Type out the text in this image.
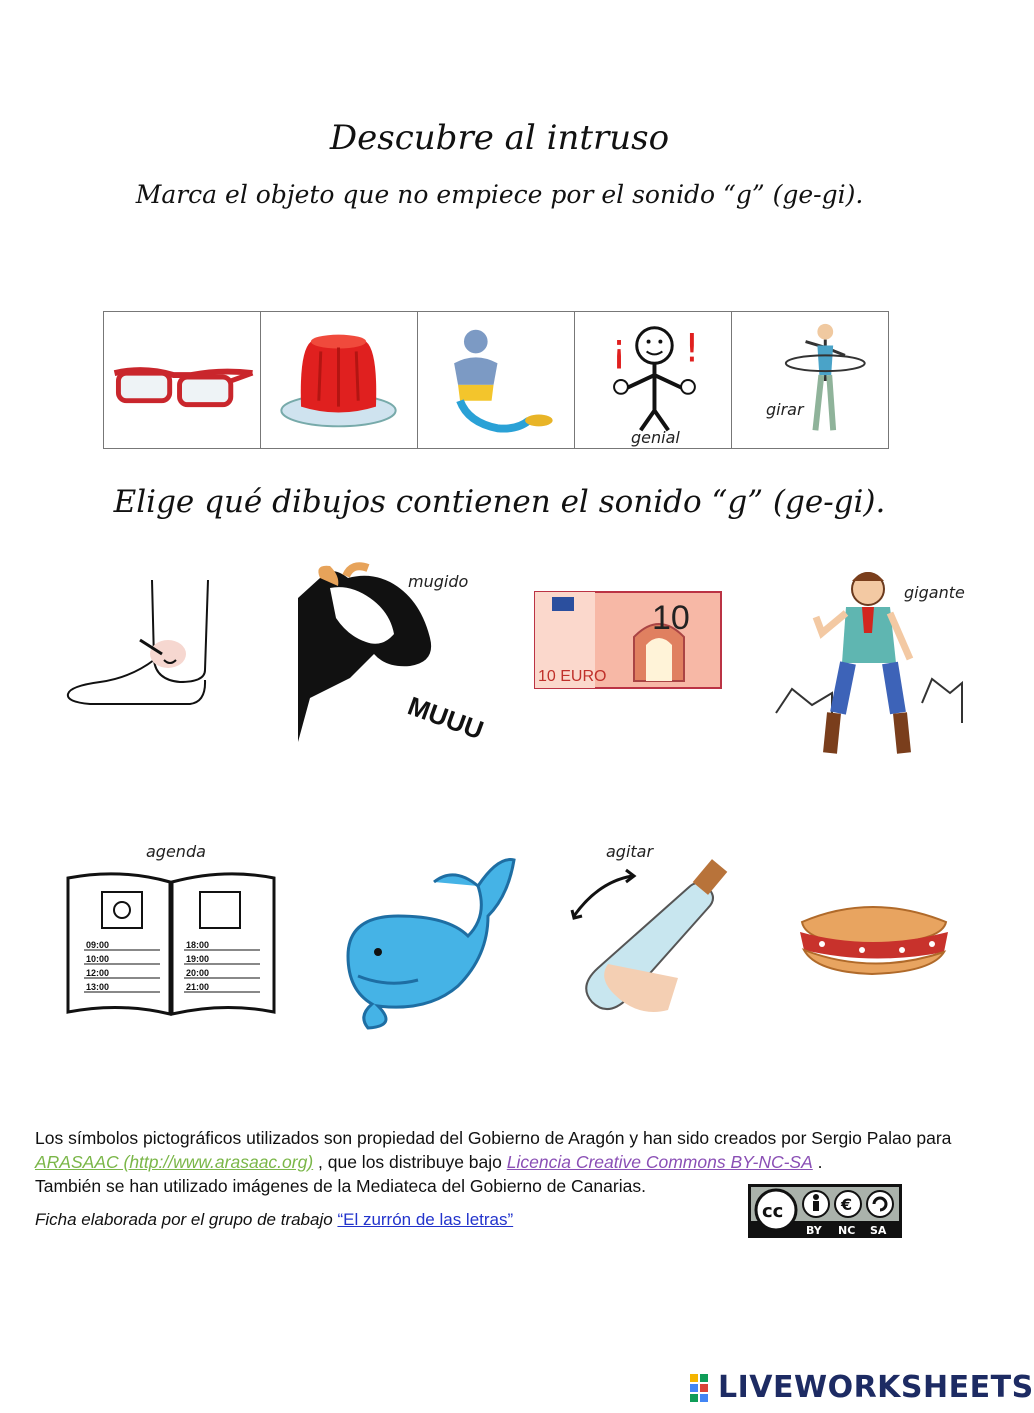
Descubre al intruso
Marca el objeto que no empiece por el sonido “g” (ge-gi).
¡ !
genial
girar
Elige qué dibujos contienen el sonido “g” (ge-gi).
MUUU
mugido
10
10 EURO
gigante
09:00
10:00
12:00
13:00
18:00
19:00
20:00
21:00
agenda	agitar
Los símbolos pictográficos utilizados son propiedad del Gobierno de Aragón y han sido creados por Sergio Palao para ARASAAC (http://www.arasaac.org) , que los distribuye bajo Licencia Creative Commons BY-NC-SA .
También se han utilizado imágenes de la Mediateca del Gobierno de Canarias.
Ficha elaborada por el grupo de trabajo “El zurrón de las letras”	cc	€
BY NC SA
LIVEWORKSHEETS
